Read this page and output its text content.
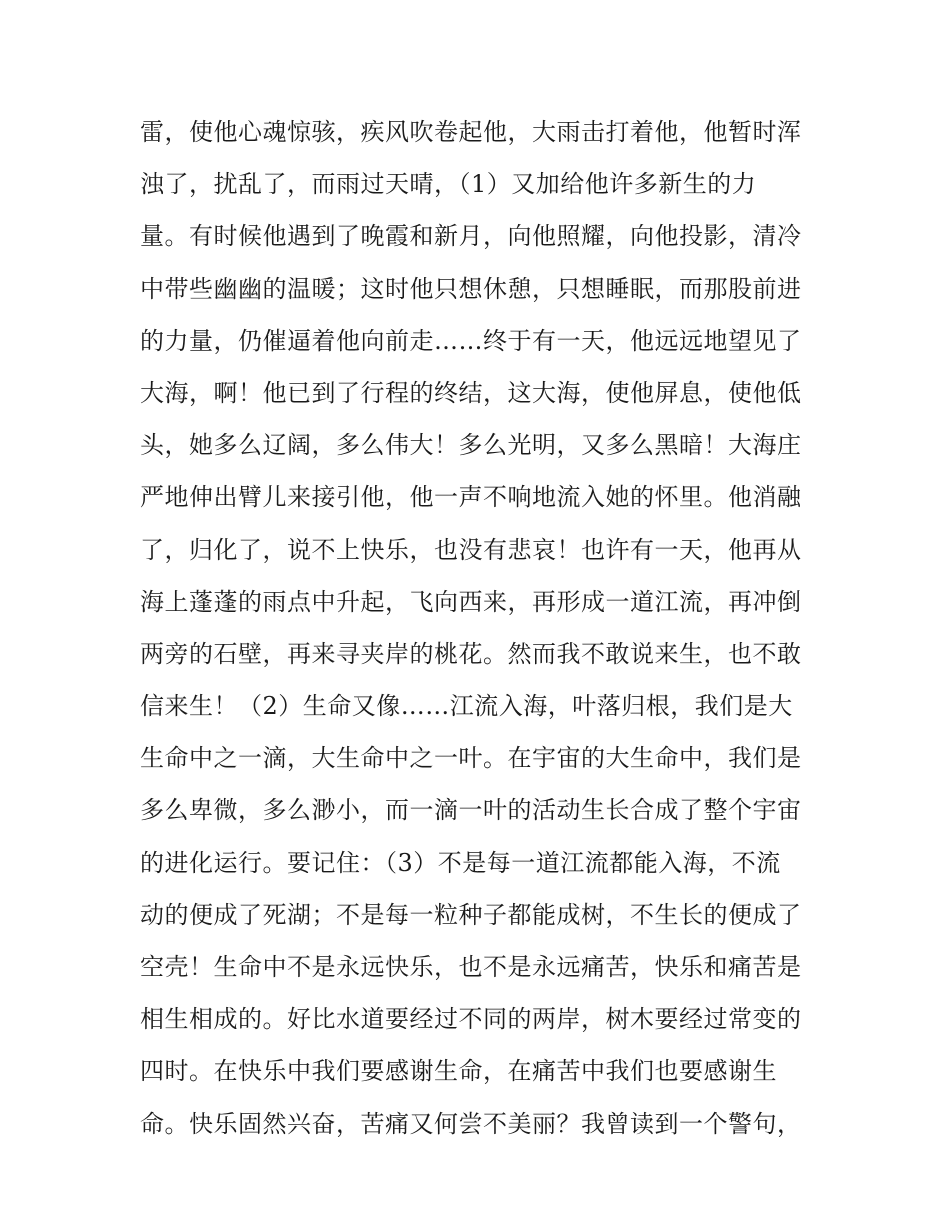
雷，使他心魂惊骇，疾风吹卷起他，大雨击打着他，他暂时浑
浊了，扰乱了，而雨过天晴，（1）又加给他许多新生的力
量。有时候他遇到了晚霞和新月，向他照耀，向他投影，清冷
中带些幽幽的温暖；这时他只想休憩，只想睡眠，而那股前进
的力量，仍催逼着他向前走……终于有一天，他远远地望见了
大海，啊！他已到了行程的终结，这大海，使他屏息，使他低
头，她多么辽阔，多么伟大！多么光明，又多么黑暗！大海庄
严地伸出臂儿来接引他，他一声不响地流入她的怀里。他消融
了，归化了，说不上快乐，也没有悲哀！也许有一天，他再从
海上蓬蓬的雨点中升起，飞向西来，再形成一道江流，再冲倒
两旁的石壁，再来寻夹岸的桃花。然而我不敢说来生，也不敢
信来生！（2）生命又像……江流入海，叶落归根，我们是大
生命中之一滴，大生命中之一叶。在宇宙的大生命中，我们是
多么卑微，多么渺小，而一滴一叶的活动生长合成了整个宇宙
的进化运行。要记住：（3）不是每一道江流都能入海，不流
动的便成了死湖；不是每一粒种子都能成树，不生长的便成了
空壳！生命中不是永远快乐，也不是永远痛苦，快乐和痛苦是
相生相成的。好比水道要经过不同的两岸，树木要经过常变的
四时。在快乐中我们要感谢生命，在痛苦中我们也要感谢生
命。快乐固然兴奋，苦痛又何尝不美丽？我曾读到一个警句，
